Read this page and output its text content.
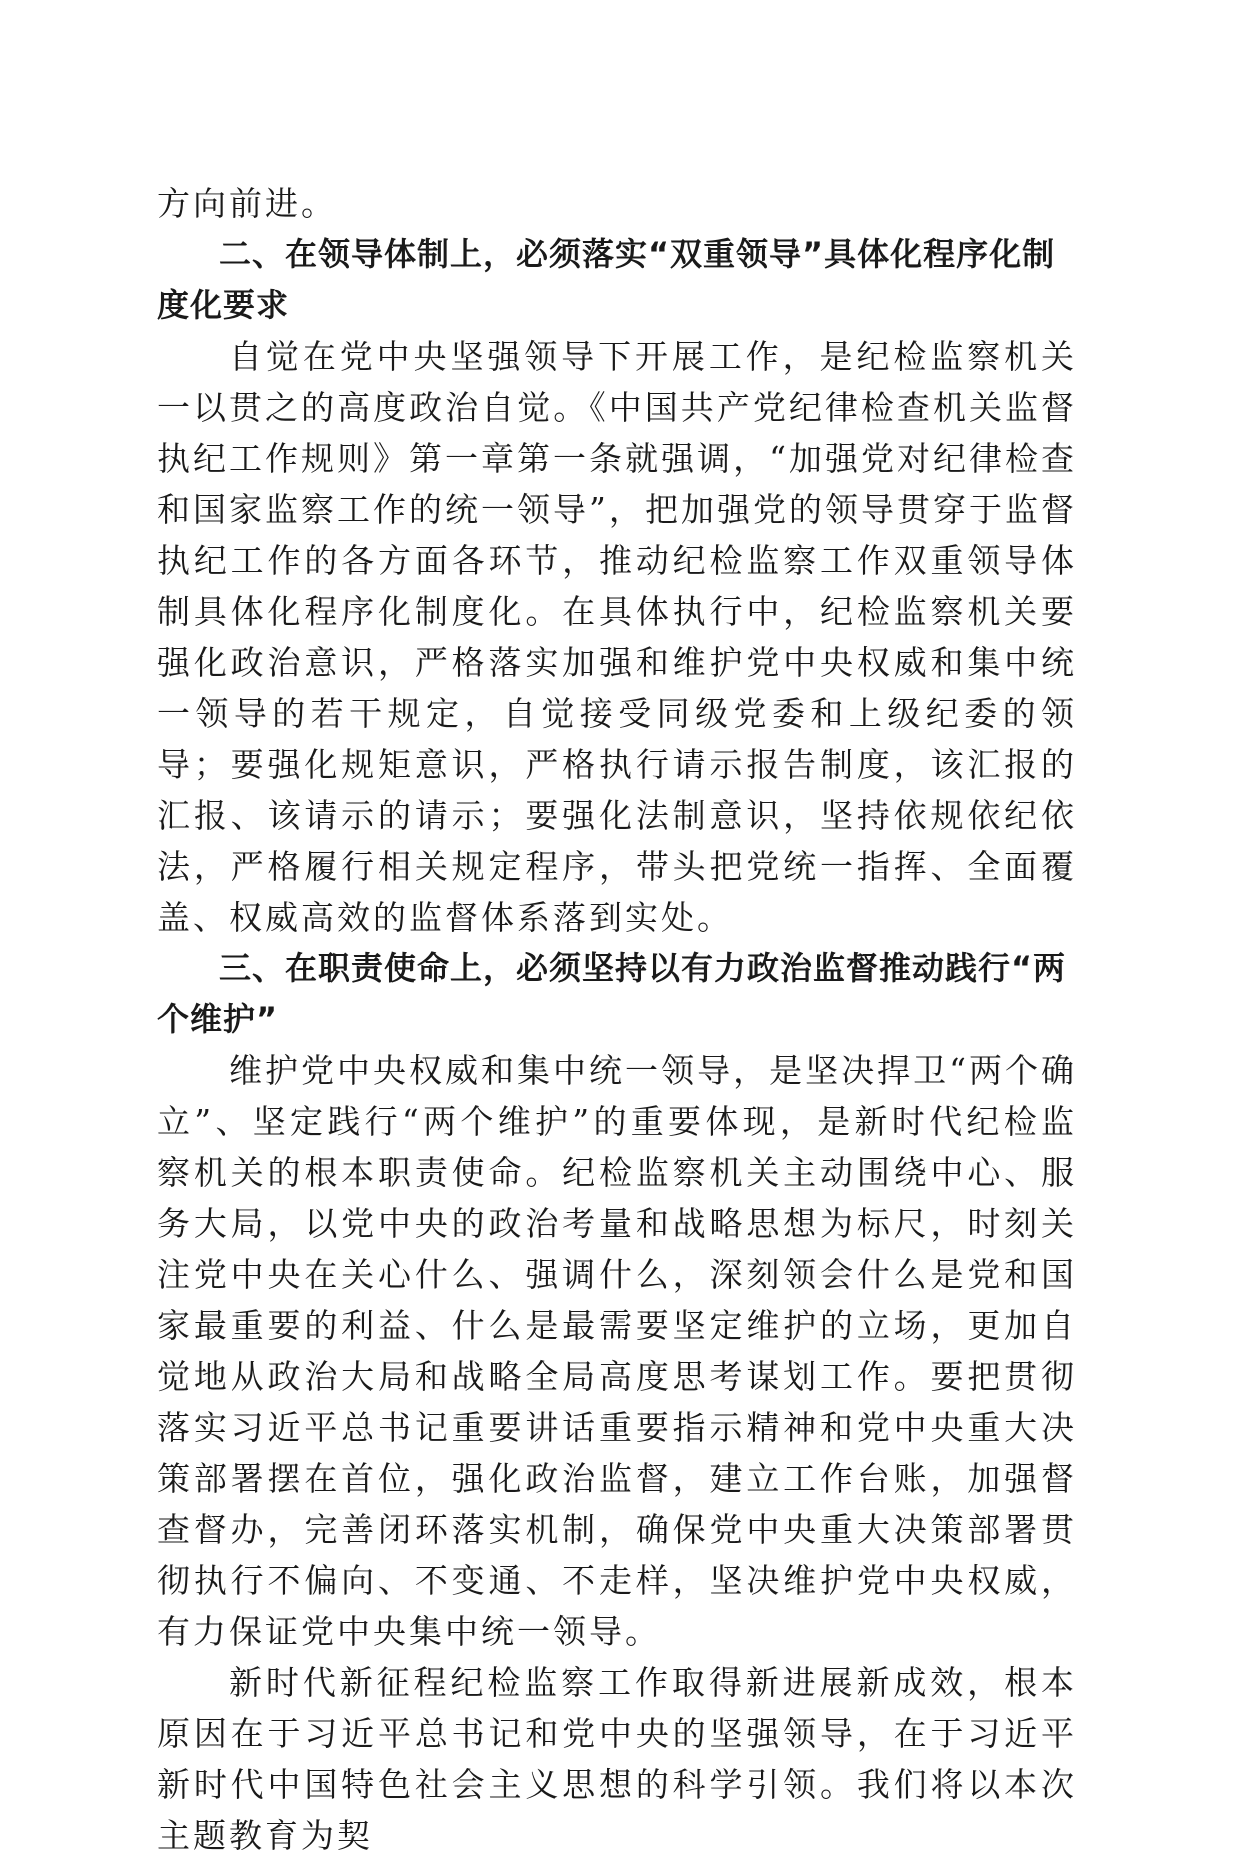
方向前进。

二、在领导体制上，必须落实“双重领导”具体化程序化制度化要求

自觉在党中央坚强领导下开展工作，是纪检监察机关一以贯之的高度政治自觉。《中国共产党纪律检查机关监督执纪工作规则》第一章第一条就强调，“加强党对纪律检查和国家监察工作的统一领导”，把加强党的领导贯穿于监督执纪工作的各方面各环节，推动纪检监察工作双重领导体制具体化程序化制度化。在具体执行中，纪检监察机关要强化政治意识，严格落实加强和维护党中央权威和集中统一领导的若干规定，自觉接受同级党委和上级纪委的领导；要强化规矩意识，严格执行请示报告制度，该汇报的汇报、该请示的请示；要强化法制意识，坚持依规依纪依法，严格履行相关规定程序，带头把党统一指挥、全面覆盖、权威高效的监督体系落到实处。

三、在职责使命上，必须坚持以有力政治监督推动践行“两个维护”

维护党中央权威和集中统一领导，是坚决捍卫“两个确立”、坚定践行“两个维护”的重要体现，是新时代纪检监察机关的根本职责使命。纪检监察机关主动围绕中心、服务大局，以党中央的政治考量和战略思想为标尺，时刻关注党中央在关心什么、强调什么，深刻领会什么是党和国家最重要的利益、什么是最需要坚定维护的立场，更加自觉地从政治大局和战略全局高度思考谋划工作。要把贯彻落实习近平总书记重要讲话重要指示精神和党中央重大决策部署摆在首位，强化政治监督，建立工作台账，加强督查督办，完善闭环落实机制，确保党中央重大决策部署贯彻执行不偏向、不变通、不走样，坚决维护党中央权威，有力保证党中央集中统一领导。

新时代新征程纪检监察工作取得新进展新成效，根本原因在于习近平总书记和党中央的坚强领导，在于习近平新时代中国特色社会主义思想的科学引领。我们将以本次主题教育为契
